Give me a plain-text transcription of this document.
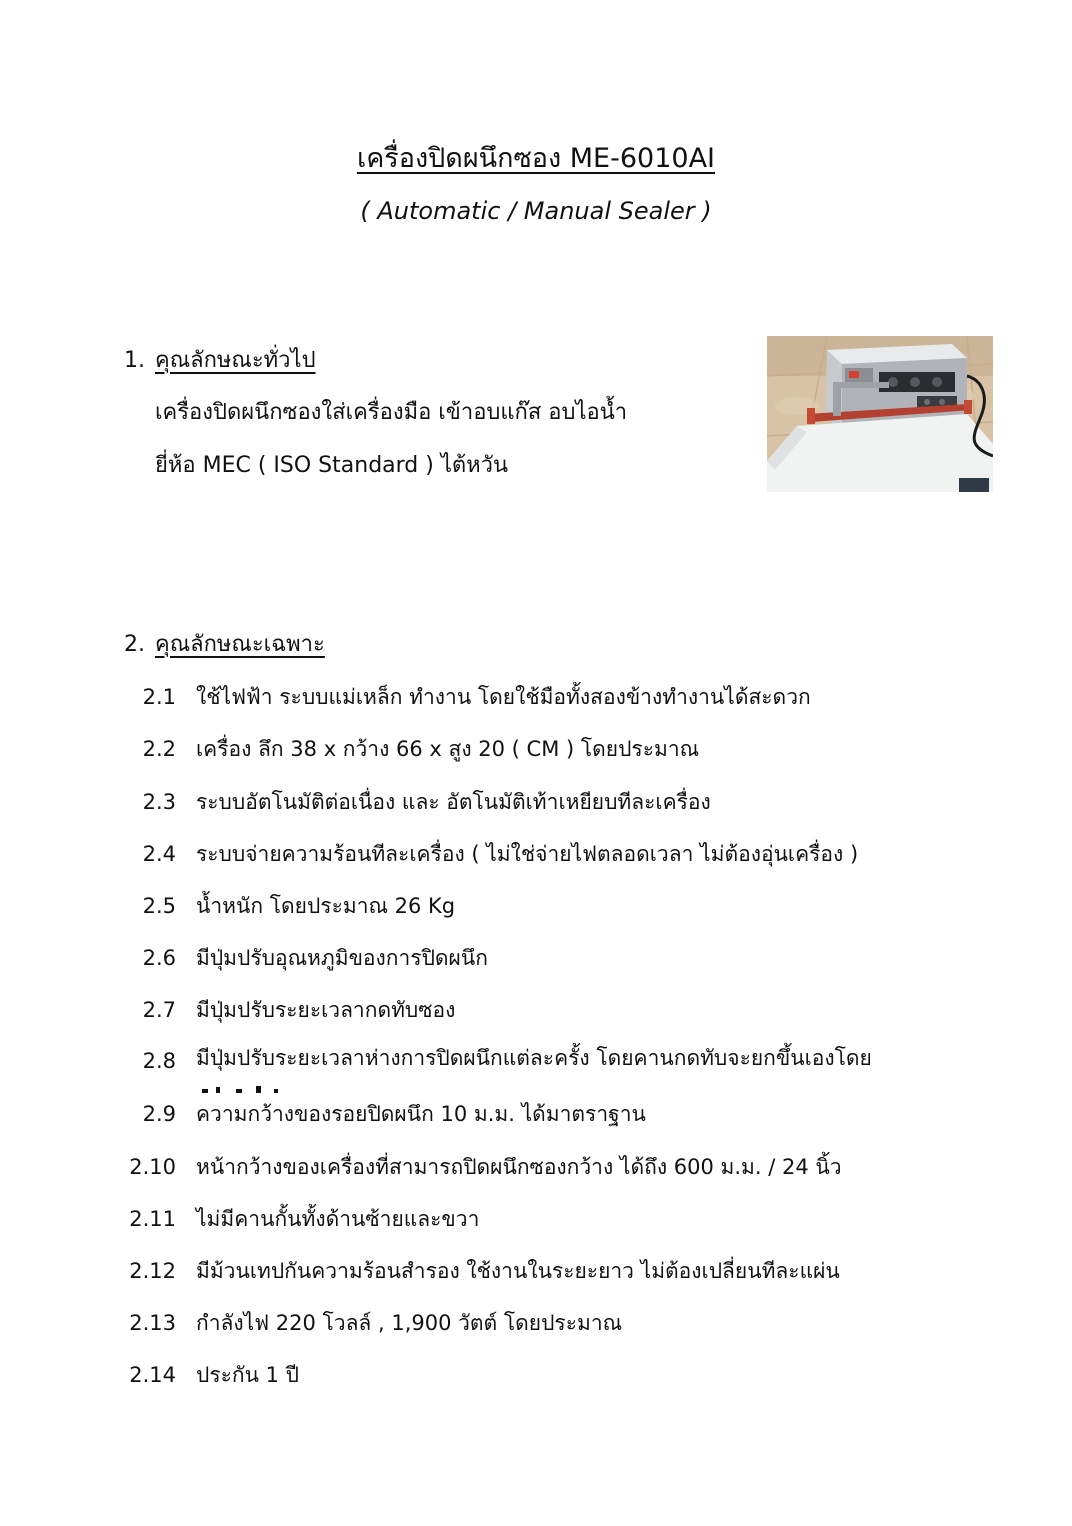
เครื่องปิดผนึกซอง ME-6010AI
( Automatic / Manual Sealer )
1. คุณลักษณะทั่วไป
เครื่องปิดผนึกซองใส่เครื่องมือ เข้าอบแก๊ส อบไอน้ำ
ยี่ห้อ MEC ( ISO Standard ) ไต้หวัน
2. คุณลักษณะเฉพาะ
2.1 ใช้ไฟฟ้า ระบบแม่เหล็ก ทำงาน โดยใช้มือทั้งสองข้างทำงานได้สะดวก
2.2 เครื่อง ลึก 38 x กว้าง 66 x สูง 20 ( CM ) โดยประมาณ
2.3 ระบบอัตโนมัติต่อเนื่อง และ อัตโนมัติเท้าเหยียบทีละเครื่อง
2.4 ระบบจ่ายความร้อนทีละเครื่อง ( ไม่ใช่จ่ายไฟตลอดเวลา ไม่ต้องอุ่นเครื่อง )
2.5 น้ำหนัก โดยประมาณ 26 Kg
2.6 มีปุ่มปรับอุณหภูมิของการปิดผนึก
2.7 มีปุ่มปรับระยะเวลากดทับซอง
2.8 มีปุ่มปรับระยะเวลาห่างการปิดผนึกแต่ละครั้ง โดยคานกดทับจะยกขึ้นเองโดย
2.9 ความกว้างของรอยปิดผนึก 10 ม.ม. ได้มาตราฐาน
2.10 หน้ากว้างของเครื่องที่สามารถปิดผนึกซองกว้าง ได้ถึง 600 ม.ม. / 24 นิ้ว
2.11 ไม่มีคานกั้นทั้งด้านซ้ายและขวา
2.12 มีม้วนเทปกันความร้อนสำรอง ใช้งานในระยะยาว ไม่ต้องเปลี่ยนทีละแผ่น
2.13 กำลังไฟ 220 โวลล์ , 1,900 วัตต์ โดยประมาณ
2.14 ประกัน 1 ปี
